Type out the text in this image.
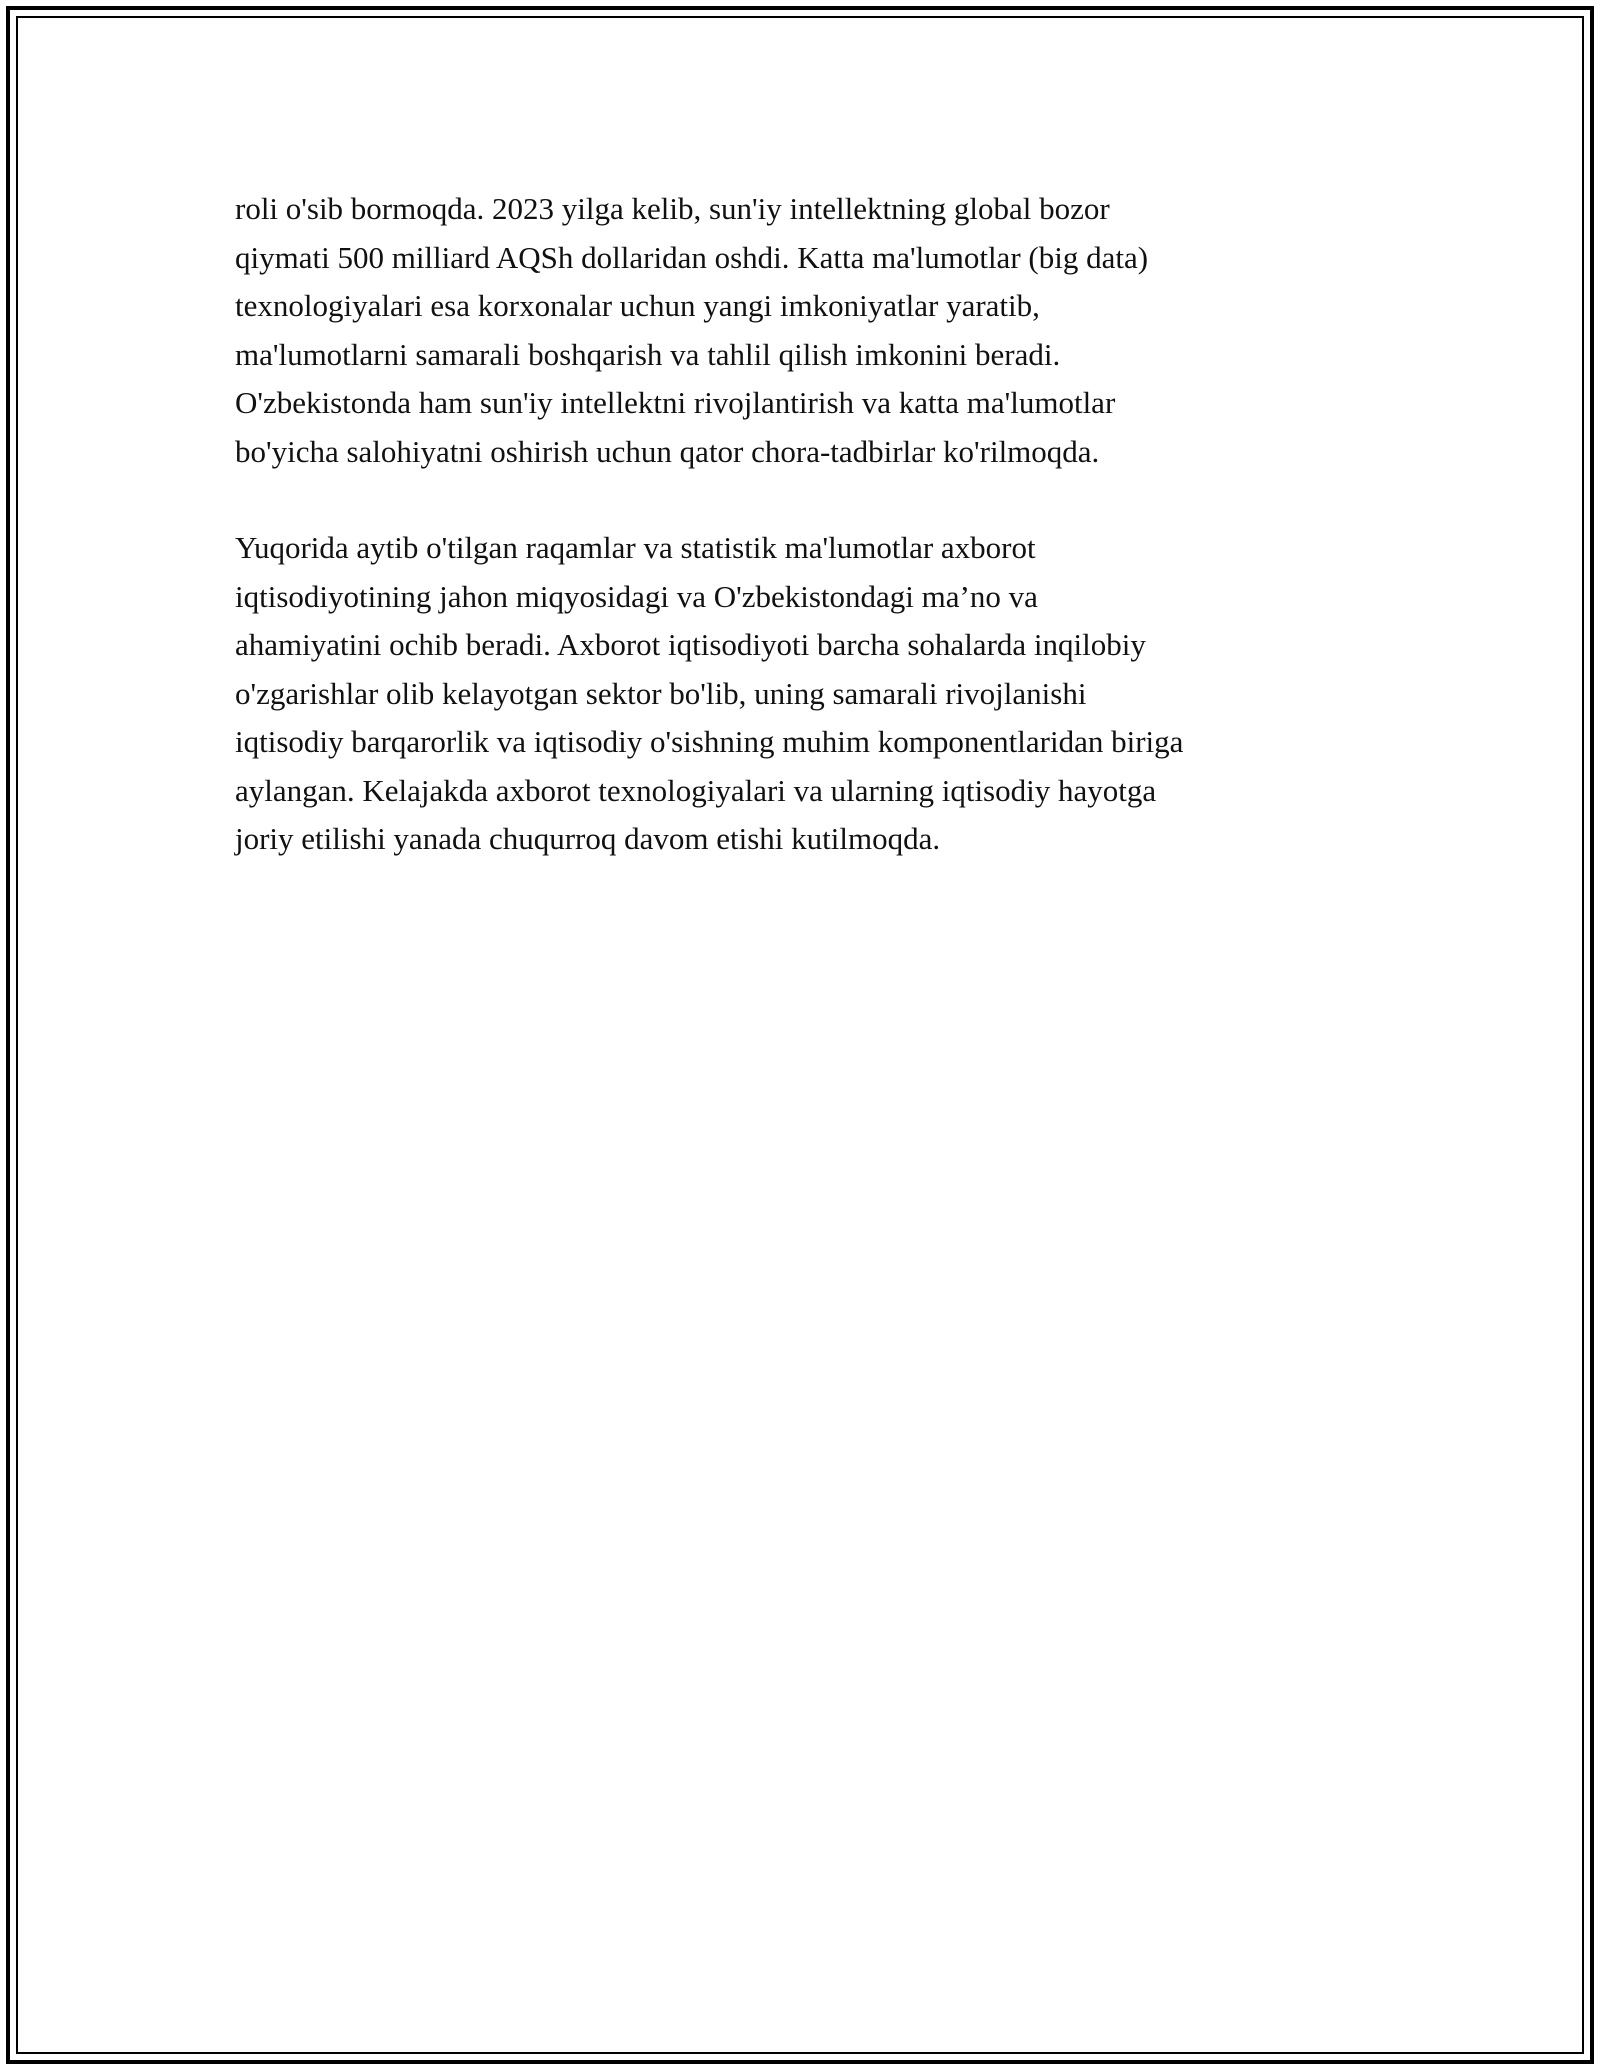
roli o'sib bormoqda. 2023 yilga kelib, sun'iy intellektning global bozor
qiymati 500 milliard AQSh dollaridan oshdi. Katta ma'lumotlar (big data)
texnologiyalari esa korxonalar uchun yangi imkoniyatlar yaratib,
ma'lumotlarni samarali boshqarish va tahlil qilish imkonini beradi.
O'zbekistonda ham sun'iy intellektni rivojlantirish va katta ma'lumotlar
bo'yicha salohiyatni oshirish uchun qator chora-tadbirlar ko'rilmoqda.

Yuqorida aytib o'tilgan raqamlar va statistik ma'lumotlar axborot
iqtisodiyotining jahon miqyosidagi va O'zbekistondagi ma’no va
ahamiyatini ochib beradi. Axborot iqtisodiyoti barcha sohalarda inqilobiy
o'zgarishlar olib kelayotgan sektor bo'lib, uning samarali rivojlanishi
iqtisodiy barqarorlik va iqtisodiy o'sishning muhim komponentlaridan biriga
aylangan. Kelajakda axborot texnologiyalari va ularning iqtisodiy hayotga
joriy etilishi yanada chuqurroq davom etishi kutilmoqda.
